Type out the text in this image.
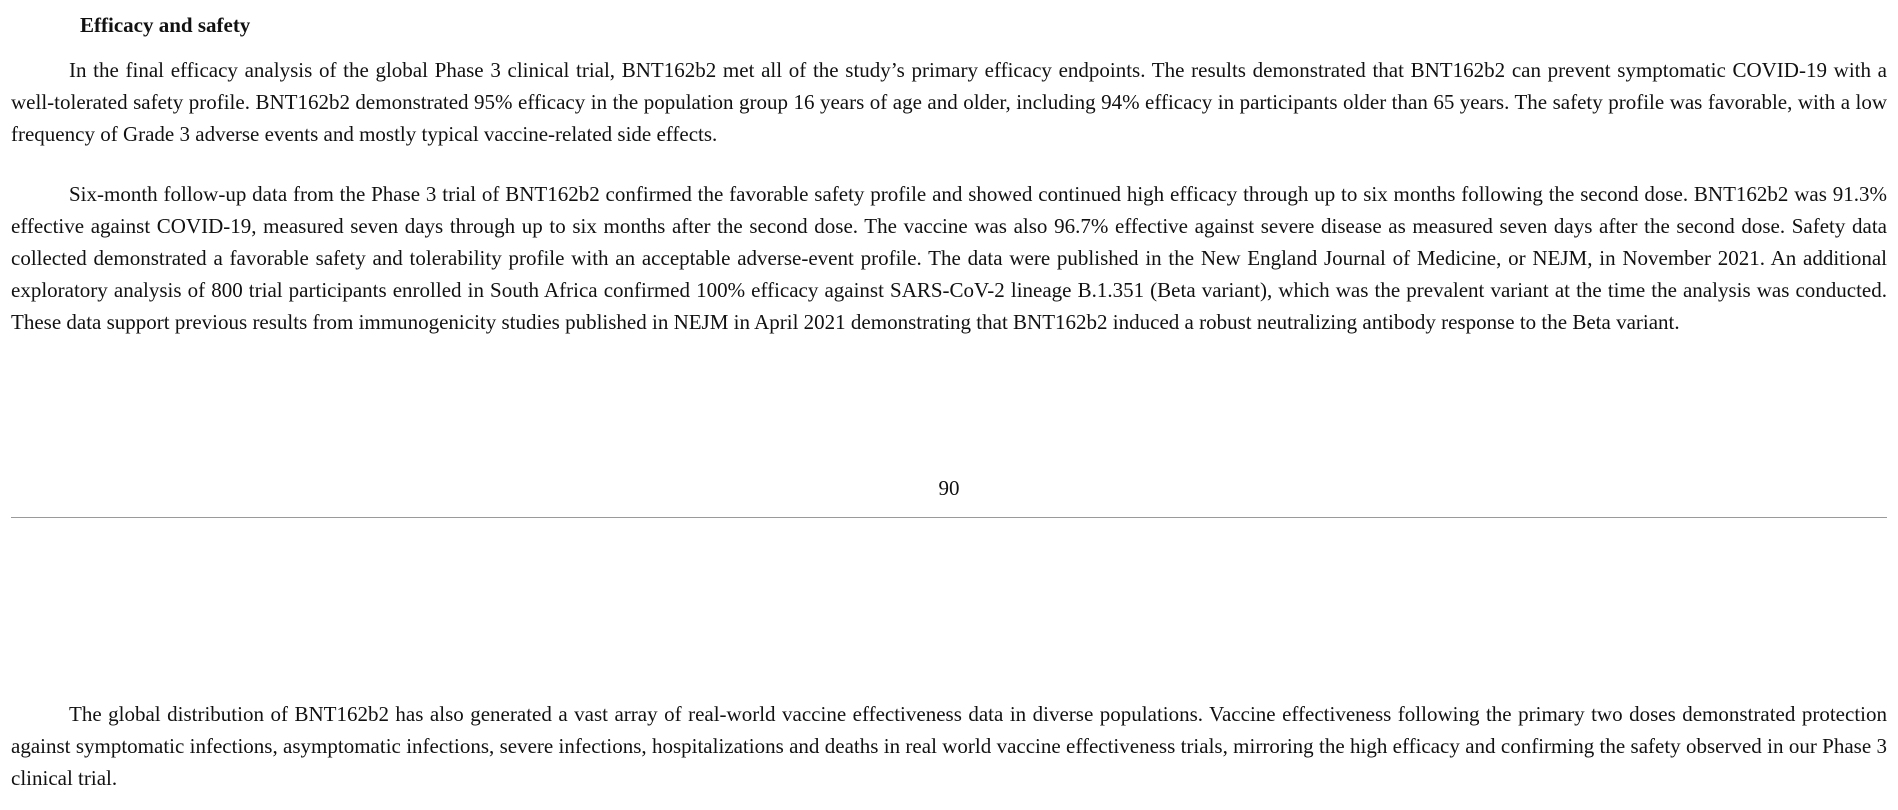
Efficacy and safety

In the final efficacy analysis of the global Phase 3 clinical trial, BNT162b2 met all of the study’s primary efficacy endpoints. The results demonstrated that BNT162b2 can prevent symptomatic COVID-19 with a well-tolerated safety profile. BNT162b2 demonstrated 95% efficacy in the population group 16 years of age and older, including 94% efficacy in participants older than 65 years. The safety profile was favorable, with a low frequency of Grade 3 adverse events and mostly typical vaccine-related side effects.

Six-month follow-up data from the Phase 3 trial of BNT162b2 confirmed the favorable safety profile and showed continued high efficacy through up to six months following the second dose. BNT162b2 was 91.3% effective against COVID-19, measured seven days through up to six months after the second dose. The vaccine was also 96.7% effective against severe disease as measured seven days after the second dose. Safety data collected demonstrated a favorable safety and tolerability profile with an acceptable adverse-event profile. The data were published in the New England Journal of Medicine, or NEJM, in November 2021. An additional exploratory analysis of 800 trial participants enrolled in South Africa confirmed 100% efficacy against SARS-CoV-2 lineage B.1.351 (Beta variant), which was the prevalent variant at the time the analysis was conducted. These data support previous results from immunogenicity studies published in NEJM in April 2021 demonstrating that BNT162b2 induced a robust neutralizing antibody response to the Beta variant.

90

The global distribution of BNT162b2 has also generated a vast array of real-world vaccine effectiveness data in diverse populations. Vaccine effectiveness following the primary two doses demonstrated protection against symptomatic infections, asymptomatic infections, severe infections, hospitalizations and deaths in real world vaccine effectiveness trials, mirroring the high efficacy and confirming the safety observed in our Phase 3 clinical trial.
